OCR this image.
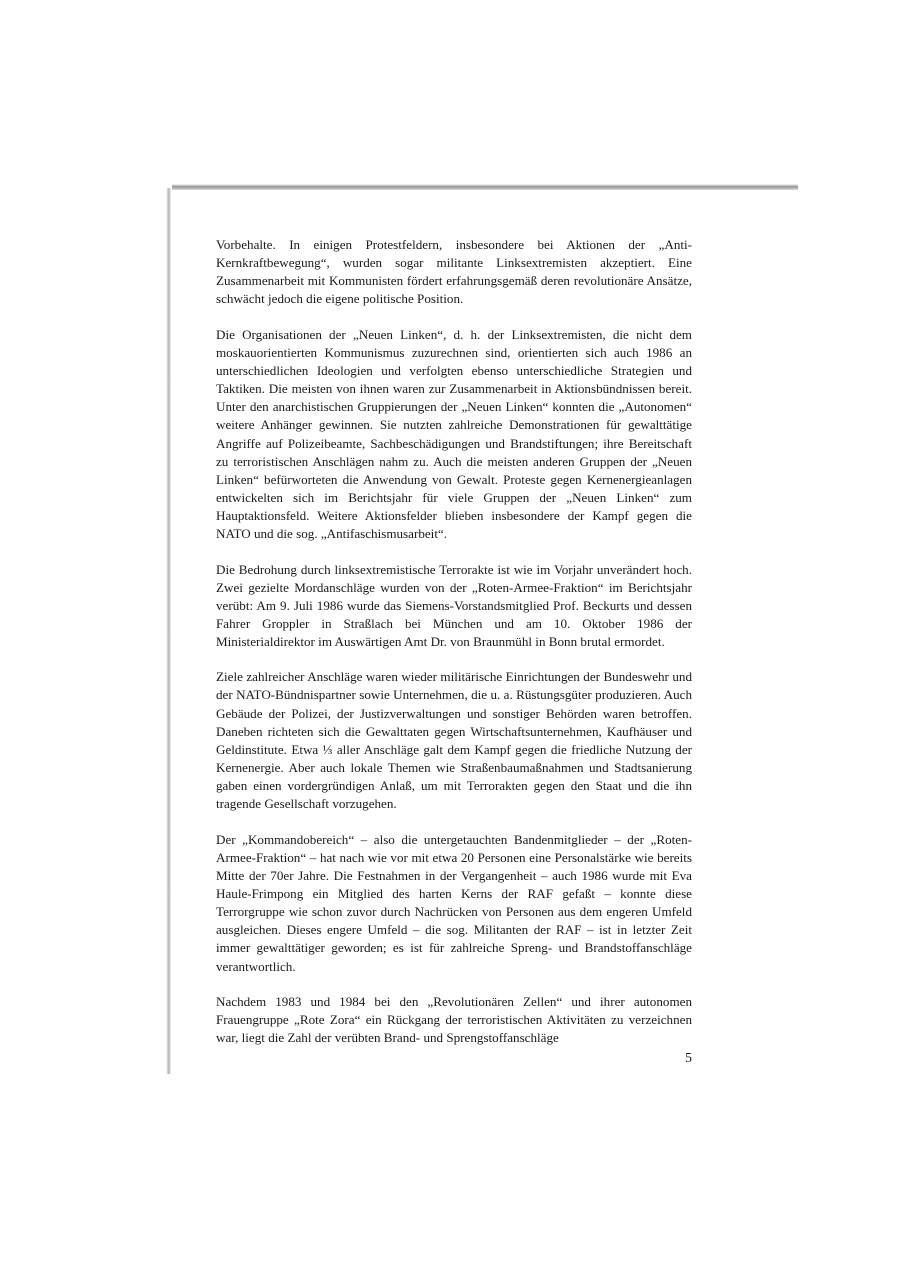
Vorbehalte. In einigen Protestfeldern, insbesondere bei Aktionen der „Anti-Kernkraftbewegung“, wurden sogar militante Linksextremisten akzeptiert. Eine Zusammenarbeit mit Kommunisten fördert erfahrungsgemäß deren revolutionäre Ansätze, schwächt jedoch die eigene politische Position.

Die Organisationen der „Neuen Linken“, d. h. der Linksextremisten, die nicht dem moskauorientierten Kommunismus zuzurechnen sind, orientierten sich auch 1986 an unterschiedlichen Ideologien und verfolgten ebenso unterschiedliche Strategien und Taktiken. Die meisten von ihnen waren zur Zusammenarbeit in Aktionsbündnissen bereit. Unter den anarchistischen Gruppierungen der „Neuen Linken“ konnten die „Autonomen“ weitere Anhänger gewinnen. Sie nutzten zahlreiche Demonstrationen für gewalttätige Angriffe auf Polizeibeamte, Sachbeschädigungen und Brandstiftungen; ihre Bereitschaft zu terroristischen Anschlägen nahm zu. Auch die meisten anderen Gruppen der „Neuen Linken“ befürworteten die Anwendung von Gewalt. Proteste gegen Kernenergieanlagen entwickelten sich im Berichtsjahr für viele Gruppen der „Neuen Linken“ zum Hauptaktionsfeld. Weitere Aktionsfelder blieben insbesondere der Kampf gegen die NATO und die sog. „Antifaschismusarbeit“.

Die Bedrohung durch linksextremistische Terrorakte ist wie im Vorjahr unverändert hoch. Zwei gezielte Mordanschläge wurden von der „Roten-Armee-Fraktion“ im Berichtsjahr verübt: Am 9. Juli 1986 wurde das Siemens-Vorstandsmitglied Prof. Beckurts und dessen Fahrer Groppler in Straßlach bei München und am 10. Oktober 1986 der Ministerialdirektor im Auswärtigen Amt Dr. von Braunmühl in Bonn brutal ermordet.

Ziele zahlreicher Anschläge waren wieder militärische Einrichtungen der Bundeswehr und der NATO-Bündnispartner sowie Unternehmen, die u. a. Rüstungsgüter produzieren. Auch Gebäude der Polizei, der Justizverwaltungen und sonstiger Behörden waren betroffen. Daneben richteten sich die Gewalttaten gegen Wirtschaftsunternehmen, Kaufhäuser und Geldinstitute. Etwa ⅓ aller Anschläge galt dem Kampf gegen die friedliche Nutzung der Kernenergie. Aber auch lokale Themen wie Straßenbaumaßnahmen und Stadtsanierung gaben einen vordergründigen Anlaß, um mit Terrorakten gegen den Staat und die ihn tragende Gesellschaft vorzugehen.

Der „Kommandobereich“ – also die untergetauchten Bandenmitglieder – der „Roten-Armee-Fraktion“ – hat nach wie vor mit etwa 20 Personen eine Personalstärke wie bereits Mitte der 70er Jahre. Die Festnahmen in der Vergangenheit – auch 1986 wurde mit Eva Haule-Frimpong ein Mitglied des harten Kerns der RAF gefaßt – konnte diese Terrorgruppe wie schon zuvor durch Nachrücken von Personen aus dem engeren Umfeld ausgleichen. Dieses engere Umfeld – die sog. Militanten der RAF – ist in letzter Zeit immer gewalttätiger geworden; es ist für zahlreiche Spreng- und Brandstoffanschläge verantwortlich.

Nachdem 1983 und 1984 bei den „Revolutionären Zellen“ und ihrer autonomen Frauengruppe „Rote Zora“ ein Rückgang der terroristischen Aktivitäten zu verzeichnen war, liegt die Zahl der verübten Brand- und Sprengstoffanschläge

5
